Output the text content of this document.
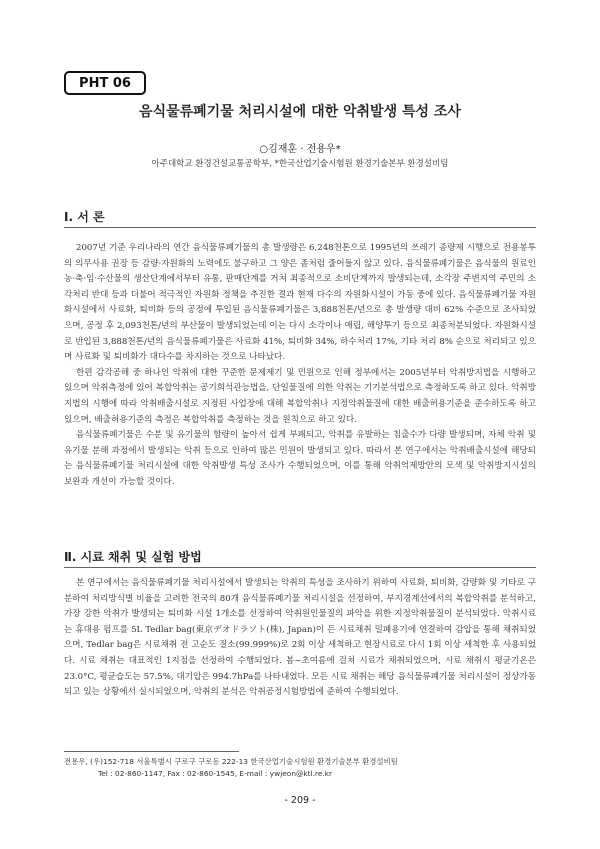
PHT 06
음식물류폐기물 처리시설에 대한 악취발생 특성 조사
○김재훈 · 전용우*
아주대학교 환경건설교통공학부, *한국산업기술시험원 환경기술본부 환경설비팀
Ⅰ. 서 론

2007년 기준 우리나라의 연간 음식물류폐기물의 총 발생량은 6,248천톤으로 1995년의 쓰레기 종량제 시행으로 전용봉투의 의무사용 권장 등 감량·자원화의 노력에도 불구하고 그 양은 좀처럼 줄어들지 않고 있다. 음식물류폐기물은 음식물의 원료인 농·축·임·수산물의 생산단계에서부터 유통, 판매단계를 거쳐 최종적으로 소비단계까지 발생되는데, 소각장 주변지역 주민의 소각처리 반대 등과 더불어 적극적인 자원화 정책을 추진한 결과 현재 다수의 자원화시설이 가동 중에 있다. 음식물류폐기물 자원화시설에서 사료화, 퇴비화 등의 공정에 투입된 음식물류폐기물은 3,888천톤/년으로 총 발생량 대비 62% 수준으로 조사되었으며, 공정 후 2,093천톤/년의 부산물이 발생되었는데 이는 다시 소각이나 매립, 해양투기 등으로 최종처분되었다. 자원화시설로 반입된 3,888천톤/년의 음식물류폐기물은 사료화 41%, 퇴비화 34%, 하수처리 17%, 기타 처리 8% 순으로 처리되고 있으며 사료화 및 퇴비화가 대다수를 차지하는 것으로 나타났다.

한편 감각공해 중 하나인 악취에 대한 꾸준한 문제제기 및 민원으로 인해 정부에서는 2005년부터 악취방지법을 시행하고 있으며 악취측정에 있어 복합악취는 공기희석관능법을, 단일물질에 의한 악취는 기기분석법으로 측정하도록 하고 있다. 악취방지법의 시행에 따라 악취배출시설로 지정된 사업장에 대해 복합악취나 지정악취물질에 대한 배출허용기준을 준수하도록 하고 있으며, 배출허용기준의 측정은 복합악취를 측정하는 것을 원칙으로 하고 있다.

음식물류폐기물은 수분 및 유기물의 함량이 높아서 쉽게 부패되고, 악취를 유발하는 침출수가 다량 발생되며, 자체 악취 및 유기물 분해 과정에서 발생되는 악취 등으로 인하여 많은 민원이 발생되고 있다. 따라서 본 연구에서는 악취배출시설에 해당되는 음식물류폐기물 처리시설에 대한 악취발생 특성 조사가 수행되었으며, 이를 통해 악취억제방안의 모색 및 악취방지시설의 보완과 개선이 가능할 것이다.

Ⅱ. 시료 채취 및 실험 방법

본 연구에서는 음식물류폐기물 처리시설에서 발생되는 악취의 특성을 조사하기 위하여 사료화, 퇴비화, 감량화 및 기타로 구분하여 처리방식별 비율을 고려한 전국의 80개 음식물류폐기물 처리시설을 선정하여, 부지경계선에서의 복합악취를 분석하고, 가장 강한 악취가 발생되는 퇴비화 시설 1개소를 선정하여 악취원인물질의 파악을 위한 지정악취물질이 분석되었다. 악취시료는 휴대용 펌프를 5L Tedlar bag(東京デオドラソト(株), Japan)이 든 시료채취 밀폐용기에 연결하여 감압을 통해 채취되었으며, Tedlar bag은 시료채취 전 고순도 질소(99.999%)로 2회 이상 세척하고 현장시료로 다시 1회 이상 세척한 후 사용되었다. 시료 채취는 대표적인 1지점을 선정하여 수행되었다. 봄~초여름에 걸쳐 시료가 채취되었으며, 시료 채취시 평균기온은 23.0°C, 평균습도는 57.5%, 대기압은 994.7hPa를 나타내었다. 모든 시료 채취는 해당 음식물류폐기물 처리시설이 정상가동되고 있는 상황에서 실시되었으며, 악취의 분석은 악취공정시험방법에 준하여 수행되었다.

전용우, (우)152-718 서울특별시 구로구 구로동 222-13 한국산업기술시험원 환경기술본부 환경설비팀
Tel : 02-860-1147, Fax : 02-860-1545, E-mail : ywjeon@ktl.re.kr
- 209 -
